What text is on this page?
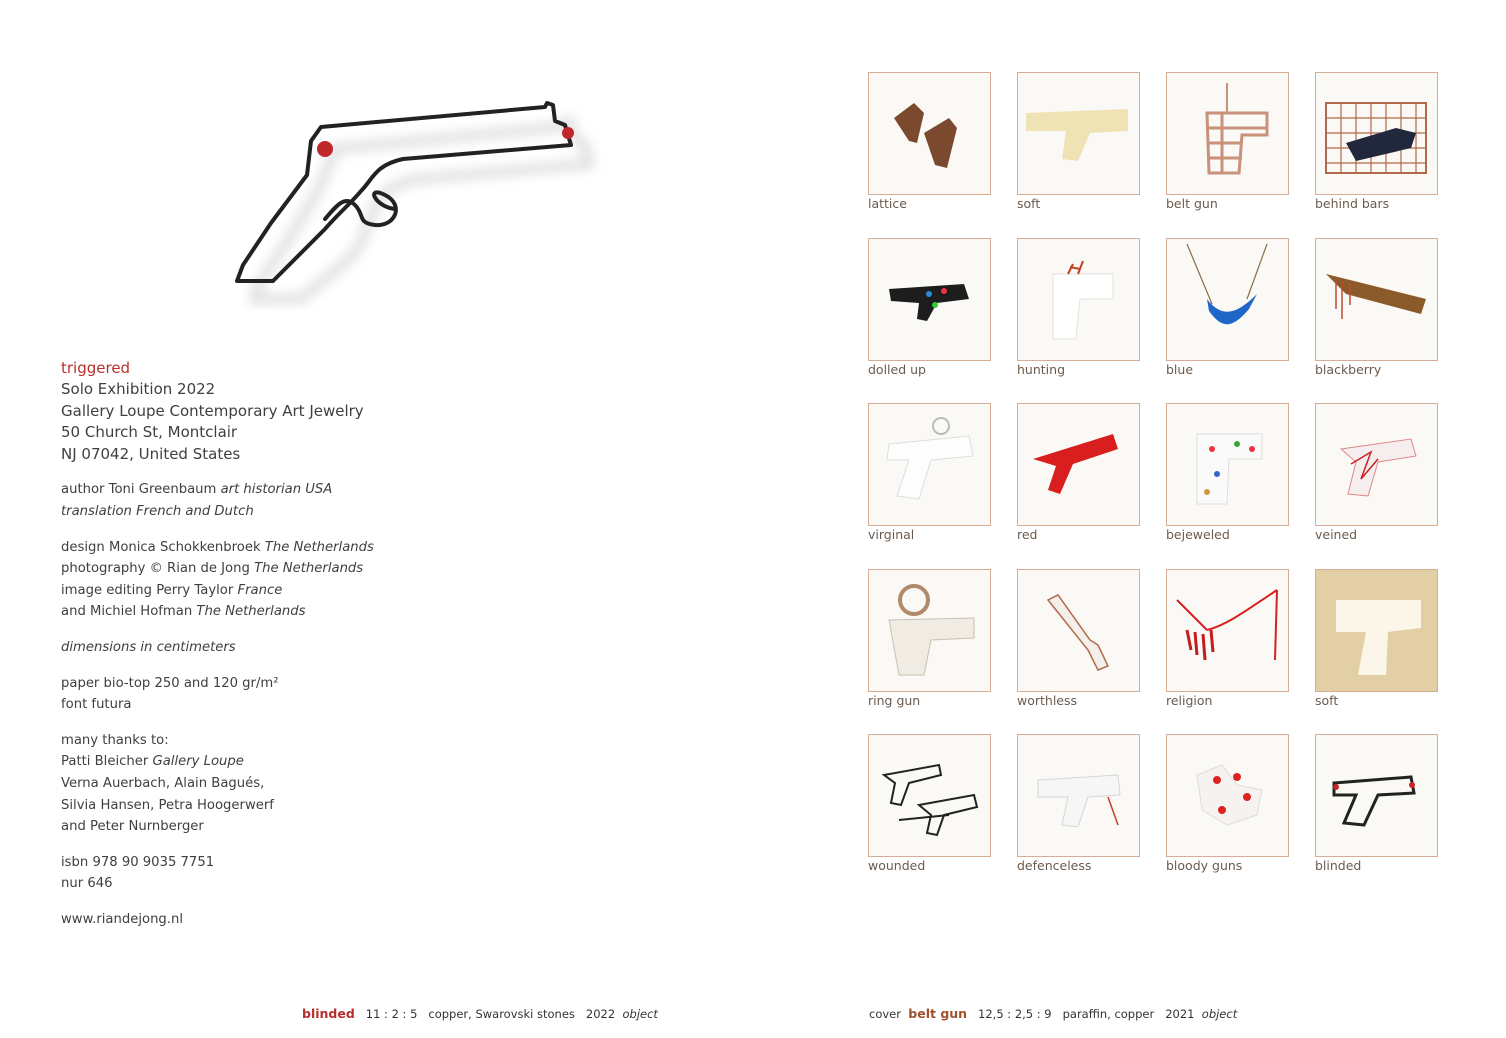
triggered
Solo Exhibition 2022
Gallery Loupe Contemporary Art Jewelry
50 Church St, Montclair
NJ 07042, United States
author Toni Greenbaum art historian USA
translation French and Dutch
design Monica Schokkenbroek The Netherlands
photography © Rian de Jong The Netherlands
image editing Perry Taylor France
and Michiel Hofman The Netherlands
dimensions in centimeters
paper bio-top 250 and 120 gr/m²
font futura
many thanks to:
Patti Bleicher Gallery Loupe
Verna Auerbach, Alain Bagués,
Silvia Hansen, Petra Hoogerwerf
and Peter Nurnberger
isbn 978 90 9035 7751
nur 646
www.riandejong.nl
lattice	soft	belt gun	behind bars
dolled up	hunting	blue	blackberry
virginal	red	bejeweled	veined
ring gun	worthless	religion	soft
wounded	defenceless	bloody guns	blinded
blinded 11 : 2 : 5 copper, Swarovski stones 2022 object	cover belt gun 12,5 : 2,5 : 9 paraffin, copper 2021 object
